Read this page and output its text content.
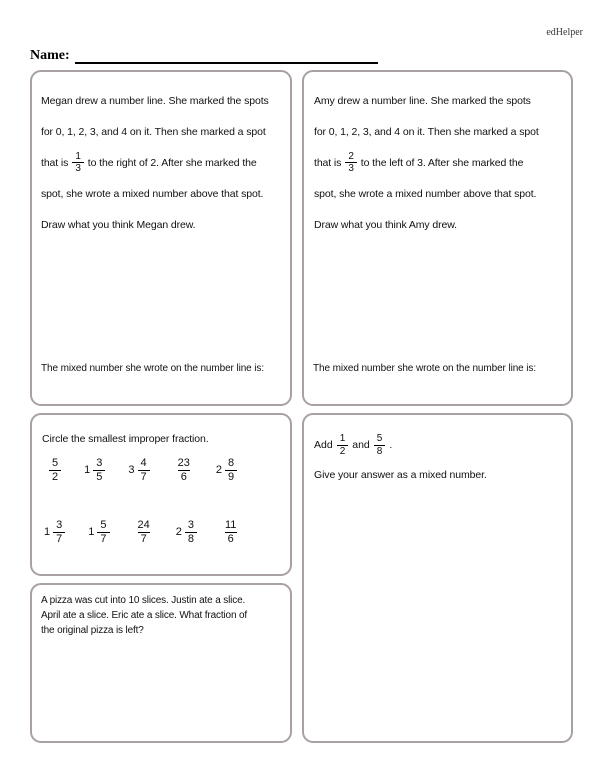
edHelper
Name:
Megan drew a number line. She marked the spots
for 0, 1, 2, 3, and 4 on it. Then she marked a spot
that is $\frac{1}{3}$ to the right of 2. After she marked the
spot, she wrote a mixed number above that spot.
Draw what you think Megan drew.
The mixed number she wrote on the number line is:
Amy drew a number line. She marked the spots
for 0, 1, 2, 3, and 4 on it. Then she marked a spot
that is $\frac{2}{3}$ to the left of 3. After she marked the
spot, she wrote a mixed number above that spot.
Draw what you think Amy drew.
The mixed number she wrote on the number line is:
Circle the smallest improper fraction.
$\frac{5}{2} 1 \frac{3}{5} 3 \frac{4}{7} \frac{23}{6} 2 \frac{8}{9}$
$1 \frac{3}{7} 1 \frac{5}{7} \frac{24}{7} 2 \frac{3}{8} \frac{11}{6}$
Add $\frac{1}{2}$ and $\frac{5}{8}$ .
Give your answer as a mixed number.
A pizza was cut into 10 slices. Justin ate a slice.
April ate a slice. Eric ate a slice. What fraction of
the original pizza is left?
